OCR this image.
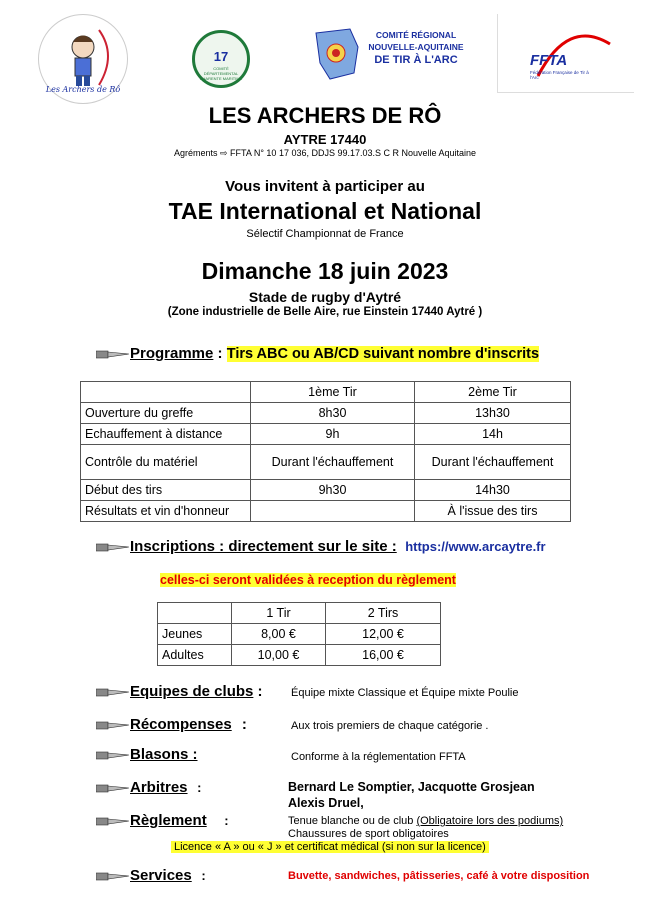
Les Archers de Rô
17
COMITÉ DÉPARTEMENTAL CHARENTE MARITIME
COMITÉ RÉGIONAL
NOUVELLE-AQUITAINE
DE TIR À L'ARC	FFTA
Fédération Française de Tir à l'Arc
LES ARCHERS DE RÔ
AYTRE 17440
Agréments ⇨ FFTA N° 10 17 036, DDJS 99.17.03.S C R Nouvelle Aquitaine
Vous invitent à participer au
TAE International et National
Sélectif Championnat de France
Dimanche 18 juin 2023
Stade de rugby d'Aytré
(Zone industrielle de Belle Aire, rue Einstein 17440 Aytré )
Programme : Tirs ABC ou AB/CD suivant nombre d'inscrits
	1ème Tir	2ème Tir
Ouverture du greffe	8h30	13h30
Echauffement à distance	9h	14h
Contrôle du matériel	Durant l'échauffement	Durant l'échauffement
Début des tirs	9h30	14h30
Résultats et vin d'honneur		À l'issue des tirs
Inscriptions : directement sur le site : https://www.arcaytre.fr
celles-ci seront validées à reception du règlement
	1 Tir	2 Tirs
Jeunes	8,00 €	12,00 €
Adultes	10,00 €	16,00 €
Equipes de clubs :	Équipe mixte Classique et Équipe mixte Poulie
Récompenses :	Aux trois premiers de chaque catégorie .
Blasons :	Conforme à la réglementation FFTA
Arbitres :	Bernard Le Somptier, Jacquotte Grosjean
Alexis Druel,
Règlement :	Tenue blanche ou de club (Obligatoire lors des podiums)
Chaussures de sport obligatoires
Licence « A » ou « J » et certificat médical (si non sur la licence)
Services :	Buvette, sandwiches, pâtisseries, café à votre disposition
